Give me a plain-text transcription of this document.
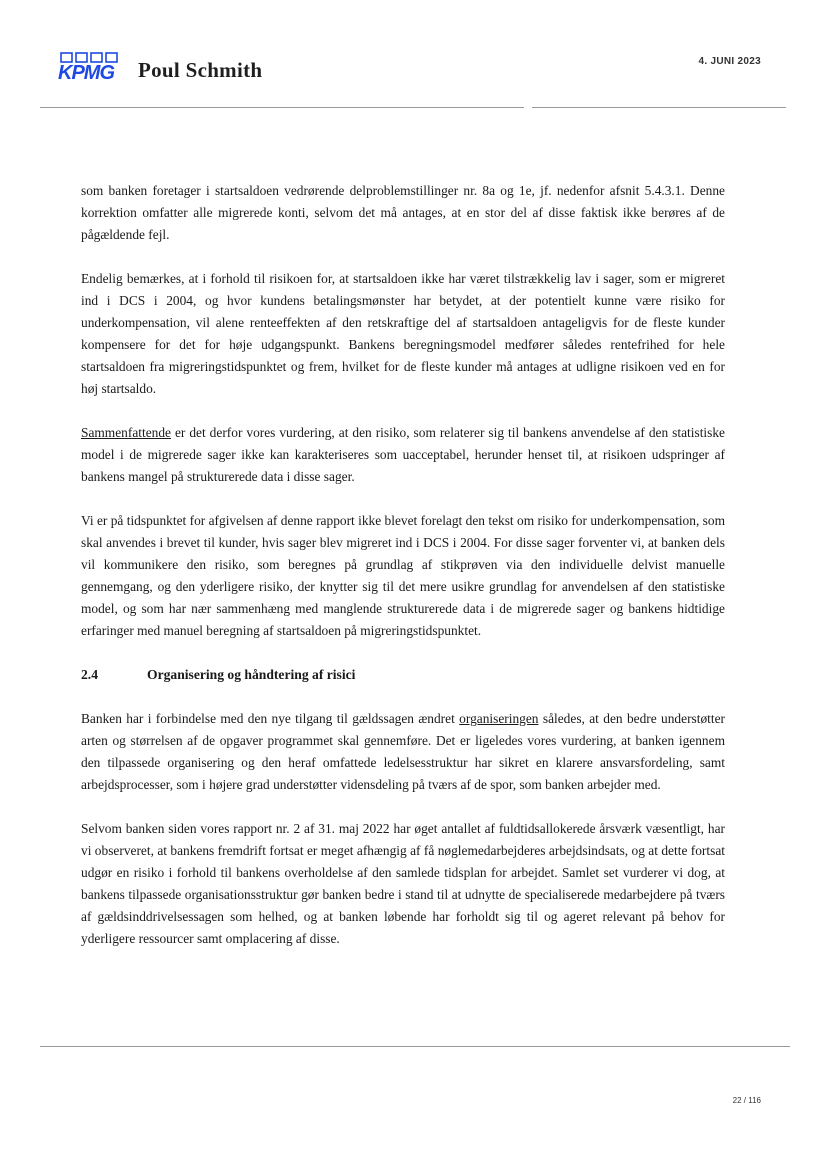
KPMG Poul Schmith	4. JUNI 2023

som banken foretager i startsaldoen vedrørende delproblemstillinger nr. 8a og 1e, jf. nedenfor afsnit 5.4.3.1. Denne korrektion omfatter alle migrerede konti, selvom det må antages, at en stor del af disse faktisk ikke berøres af de pågældende fejl.

Endelig bemærkes, at i forhold til risikoen for, at startsaldoen ikke har været tilstrækkelig lav i sager, som er migreret ind i DCS i 2004, og hvor kundens betalingsmønster har betydet, at der potentielt kunne være risiko for underkompensation, vil alene renteeffekten af den retskraftige del af startsaldoen antageligvis for de fleste kunder kompensere for det for høje udgangspunkt. Bankens beregningsmodel medfører således rentefrihed for hele startsaldoen fra migreringstidspunktet og frem, hvilket for de fleste kunder må antages at udligne risikoen ved en for høj startsaldo.

Sammenfattende er det derfor vores vurdering, at den risiko, som relaterer sig til bankens anvendelse af den statistiske model i de migrerede sager ikke kan karakteriseres som uacceptabel, herunder henset til, at risikoen udspringer af bankens mangel på strukturerede data i disse sager.

Vi er på tidspunktet for afgivelsen af denne rapport ikke blevet forelagt den tekst om risiko for underkompensation, som skal anvendes i brevet til kunder, hvis sager blev migreret ind i DCS i 2004. For disse sager forventer vi, at banken dels vil kommunikere den risiko, som beregnes på grundlag af stikprøven via den individuelle delvist manuelle gennemgang, og den yderligere risiko, der knytter sig til det mere usikre grundlag for anvendelsen af den statistiske model, og som har nær sammenhæng med manglende strukturerede data i de migrerede sager og bankens hidtidige erfaringer med manuel beregning af startsaldoen på migreringstidspunktet.

2.4	Organisering og håndtering af risici

Banken har i forbindelse med den nye tilgang til gældssagen ændret organiseringen således, at den bedre understøtter arten og størrelsen af de opgaver programmet skal gennemføre. Det er ligeledes vores vurdering, at banken igennem den tilpassede organisering og den heraf omfattede ledelsesstruktur har sikret en klarere ansvarsfordeling, samt arbejdsprocesser, som i højere grad understøtter vidensdeling på tværs af de spor, som banken arbejder med.

Selvom banken siden vores rapport nr. 2 af 31. maj 2022 har øget antallet af fuldtidsallokerede årsværk væsentligt, har vi observeret, at bankens fremdrift fortsat er meget afhængig af få nøglemedarbejderes arbejdsindsats, og at dette fortsat udgør en risiko i forhold til bankens overholdelse af den samlede tidsplan for arbejdet. Samlet set vurderer vi dog, at bankens tilpassede organisationsstruktur gør banken bedre i stand til at udnytte de specialiserede medarbejdere på tværs af gældsinddrivelsessagen som helhed, og at banken løbende har forholdt sig til og ageret relevant på behov for yderligere ressourcer samt omplacering af disse.

22 / 116
